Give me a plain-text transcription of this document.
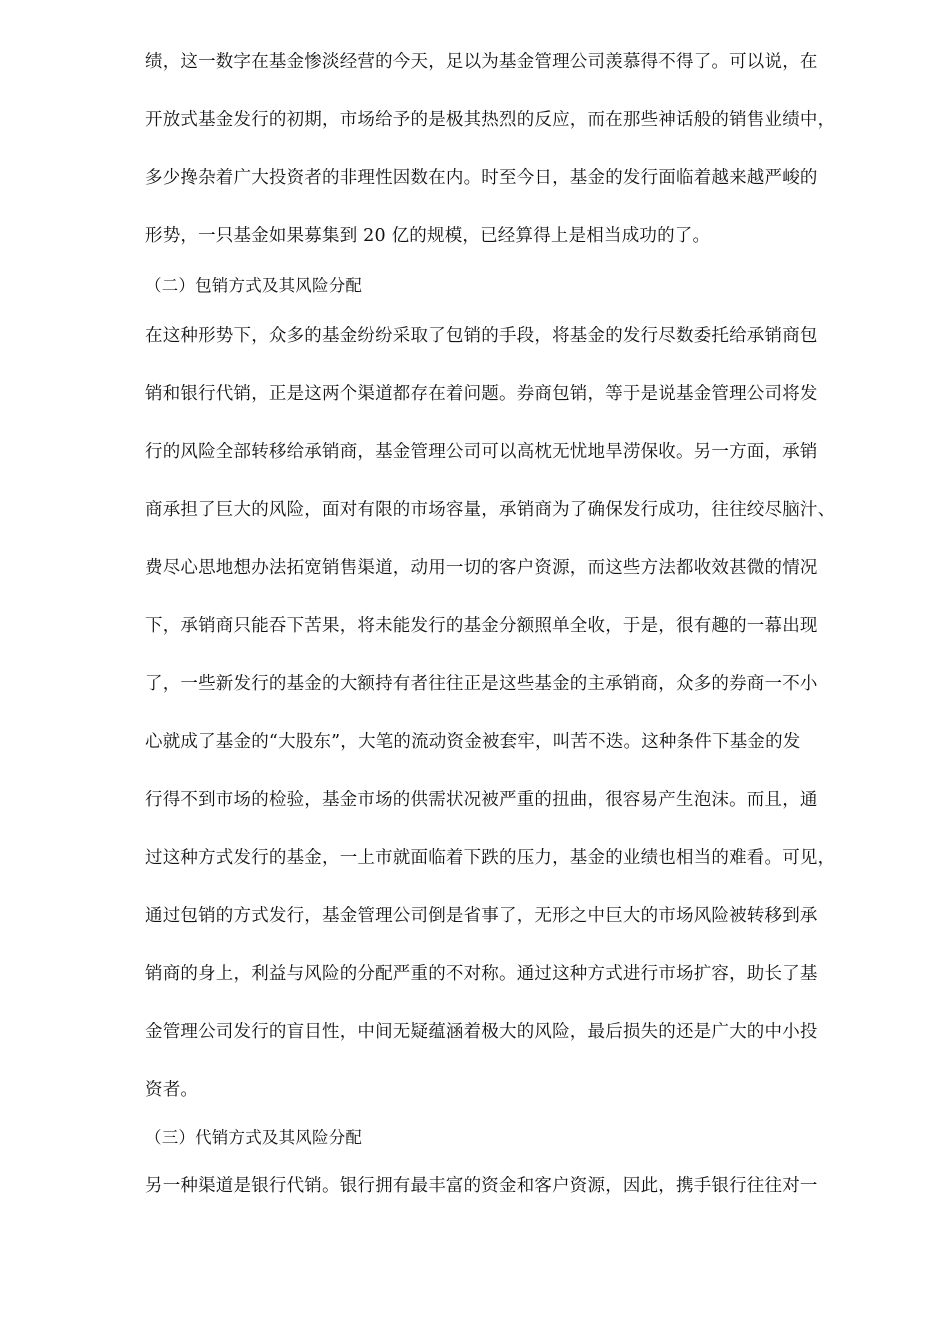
绩，这一数字在基金惨淡经营的今天，足以为基金管理公司羡慕得不得了。可以说，在
开放式基金发行的初期，市场给予的是极其热烈的反应，而在那些神话般的销售业绩中，
多少搀杂着广大投资者的非理性因数在内。时至今日，基金的发行面临着越来越严峻的
形势，一只基金如果募集到 20 亿的规模，已经算得上是相当成功的了。
（二）包销方式及其风险分配
在这种形势下，众多的基金纷纷采取了包销的手段，将基金的发行尽数委托给承销商包
销和银行代销，正是这两个渠道都存在着问题。券商包销，等于是说基金管理公司将发
行的风险全部转移给承销商，基金管理公司可以高枕无忧地旱涝保收。另一方面，承销
商承担了巨大的风险，面对有限的市场容量，承销商为了确保发行成功，往往绞尽脑汁、
费尽心思地想办法拓宽销售渠道，动用一切的客户资源，而这些方法都收效甚微的情况
下，承销商只能吞下苦果，将未能发行的基金分额照单全收，于是，很有趣的一幕出现
了，一些新发行的基金的大额持有者往往正是这些基金的主承销商，众多的券商一不小
心就成了基金的“大股东”，大笔的流动资金被套牢，叫苦不迭。这种条件下基金的发
行得不到市场的检验，基金市场的供需状况被严重的扭曲，很容易产生泡沫。而且，通
过这种方式发行的基金，一上市就面临着下跌的压力，基金的业绩也相当的难看。可见，
通过包销的方式发行，基金管理公司倒是省事了，无形之中巨大的市场风险被转移到承
销商的身上，利益与风险的分配严重的不对称。通过这种方式进行市场扩容，助长了基
金管理公司发行的盲目性，中间无疑蕴涵着极大的风险，最后损失的还是广大的中小投
资者。
（三）代销方式及其风险分配
另一种渠道是银行代销。银行拥有最丰富的资金和客户资源，因此，携手银行往往对一
